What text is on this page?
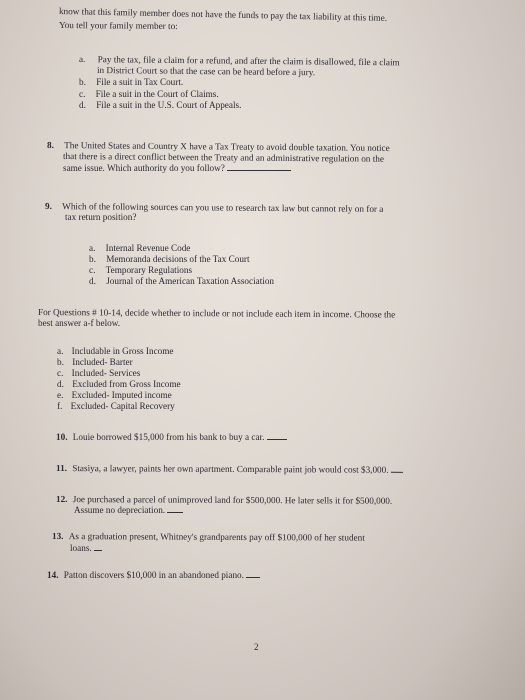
know that this family member does not have the funds to pay the tax liability at this time.
You tell your family member to:
a. Pay the tax, file a claim for a refund, and after the claim is disallowed, file a claim
in District Court so that the case can be heard before a jury.
b. File a suit in Tax Court.
c. File a suit in the Court of Claims.
d. File a suit in the U.S. Court of Appeals.
8. The United States and Country X have a Tax Treaty to avoid double taxation. You notice
that there is a direct conflict between the Treaty and an administrative regulation on the
same issue. Which authority do you follow?
9. Which of the following sources can you use to research tax law but cannot rely on for a
tax return position?
a. Internal Revenue Code
b. Memoranda decisions of the Tax Court
c. Temporary Regulations
d. Journal of the American Taxation Association
For Questions # 10-14, decide whether to include or not include each item in income. Choose the
best answer a-f below.
a. Includable in Gross Income
b. Included- Barter
c. Included- Services
d. Excluded from Gross Income
e. Excluded- Imputed income
f. Excluded- Capital Recovery
10. Louie borrowed $15,000 from his bank to buy a car.
11. Stasiya, a lawyer, paints her own apartment. Comparable paint job would cost $3,000.
12. Joe purchased a parcel of unimproved land for $500,000. He later sells it for $500,000.
Assume no depreciation.
13. As a graduation present, Whitney's grandparents pay off $100,000 of her student
loans.
14. Patton discovers $10,000 in an abandoned piano.
2
